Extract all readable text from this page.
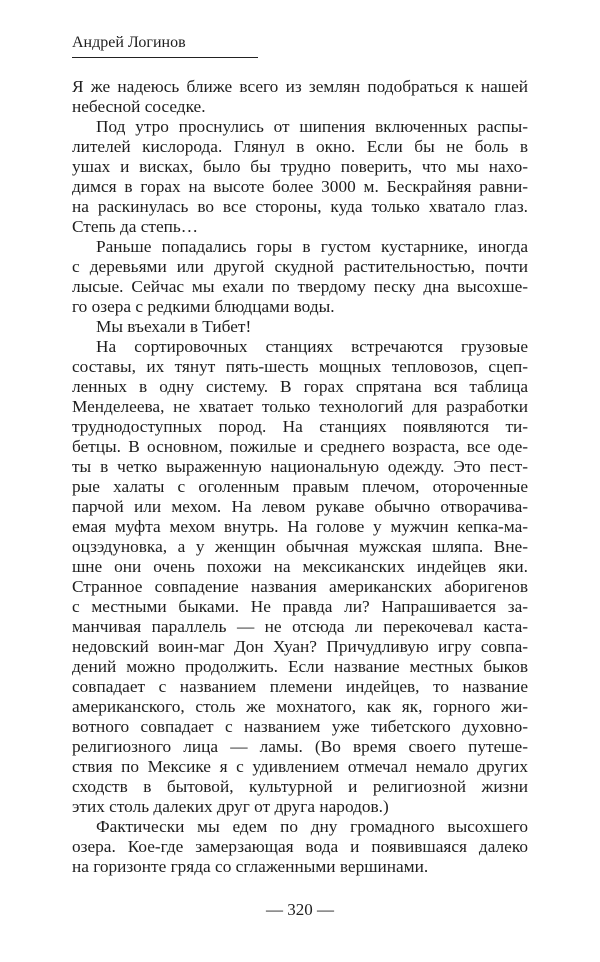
Андрей Логинов
Я же надеюсь ближе всего из землян подобраться к нашей
небесной соседке.
Под утро проснулись от шипения включенных распы-
лителей кислорода. Глянул в окно. Если бы не боль в
ушах и висках, было бы трудно поверить, что мы нахо-
димся в горах на высоте более 3000 м. Бескрайняя равни-
на раскинулась во все стороны, куда только хватало глаз.
Степь да степь…
Раньше попадались горы в густом кустарнике, иногда
с деревьями или другой скудной растительностью, почти
лысые. Сейчас мы ехали по твердому песку дна высохше-
го озера с редкими блюдцами воды.
Мы въехали в Тибет!
На сортировочных станциях встречаются грузовые
составы, их тянут пять-шесть мощных тепловозов, сцеп-
ленных в одну систему. В горах спрятана вся таблица
Менделеева, не хватает только технологий для разработки
труднодоступных пород. На станциях появляются ти-
бетцы. В основном, пожилые и среднего возраста, все оде-
ты в четко выраженную национальную одежду. Это пест-
рые халаты с оголенным правым плечом, отороченные
парчой или мехом. На левом рукаве обычно отворачива-
емая муфта мехом внутрь. На голове у мужчин кепка-ма-
оцзэдуновка, а у женщин обычная мужская шляпа. Вне-
шне они очень похожи на мексиканских индейцев яки.
Странное совпадение названия американских аборигенов
с местными быками. Не правда ли? Напрашивается за-
манчивая параллель — не отсюда ли перекочевал каста-
недовский воин-маг Дон Хуан? Причудливую игру совпа-
дений можно продолжить. Если название местных быков
совпадает с названием племени индейцев, то название
американского, столь же мохнатого, как як, горного жи-
вотного совпадает с названием уже тибетского духовно-
религиозного лица — ламы. (Во время своего путеше-
ствия по Мексике я с удивлением отмечал немало других
сходств в бытовой, культурной и религиозной жизни
этих столь далеких друг от друга народов.)
Фактически мы едем по дну громадного высохшего
озера. Кое-где замерзающая вода и появившаяся далеко
на горизонте гряда со сглаженными вершинами.
— 320 —
